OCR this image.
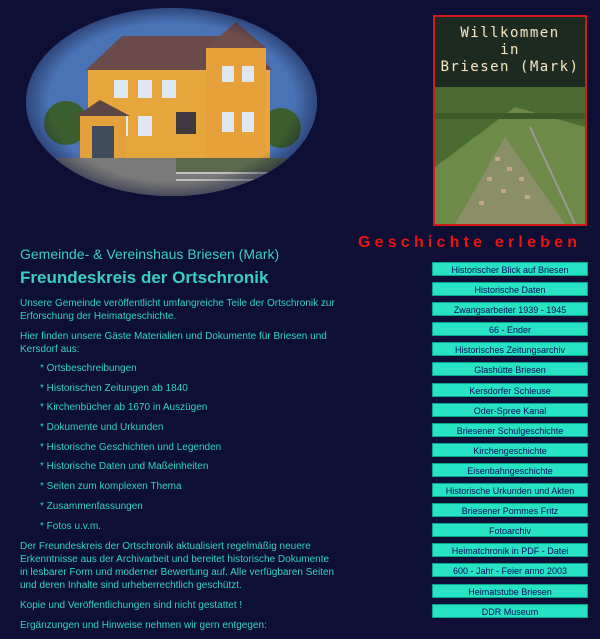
Willkommen
in
Briesen (Mark)
Geschichte erleben
Gemeinde- & Vereinshaus Briesen (Mark)
Freundeskreis der Ortschronik
Unsere Gemeinde veröffentlicht umfangreiche Teile der Ortschronik zur Erforschung der Heimatgeschichte.
Hier finden unsere Gäste Materialien und Dokumente für Briesen und Kersdorf aus:
* Ortsbeschreibungen
* Historischen Zeitungen ab 1840
* Kirchenbücher ab 1670 in Auszügen
* Dokumente und Urkunden
* Historische Geschichten und Legenden
* Historische Daten und Maßeinheiten
* Seiten zum komplexen Thema
* Zusammenfassungen
* Fotos u.v.m.
Der Freundeskreis der Ortschronik aktualisiert regelmäßig neuere Erkenntnisse aus der Archivarbeit und bereitet historische Dokumente in lesbarer Form und moderner Bewertung auf. Alle verfügbaren Seiten und deren Inhalte sind urheberrechtlich geschützt.
Kopie und Veröffentlichungen sind nicht gestattet !
Ergänzungen und Hinweise nehmen wir gern entgegen:
Historischer Blick auf Briesen
Historische Daten
Zwangsarbeiter 1939 - 1945
66 - Ender
Historisches Zeitungsarchiv
Glashütte Briesen
Kersdorfer Schleuse
Oder-Spree Kanal
Briesener Schulgeschichte
Kirchengeschichte
Eisenbahngeschichte
Historische Urkunden und Akten
Briesener Pommes Fritz
Fotoarchiv
Heimatchronik in PDF - Datei
600 - Jahr - Feier anno 2003
Heimatstube Briesen
DDR Museum
